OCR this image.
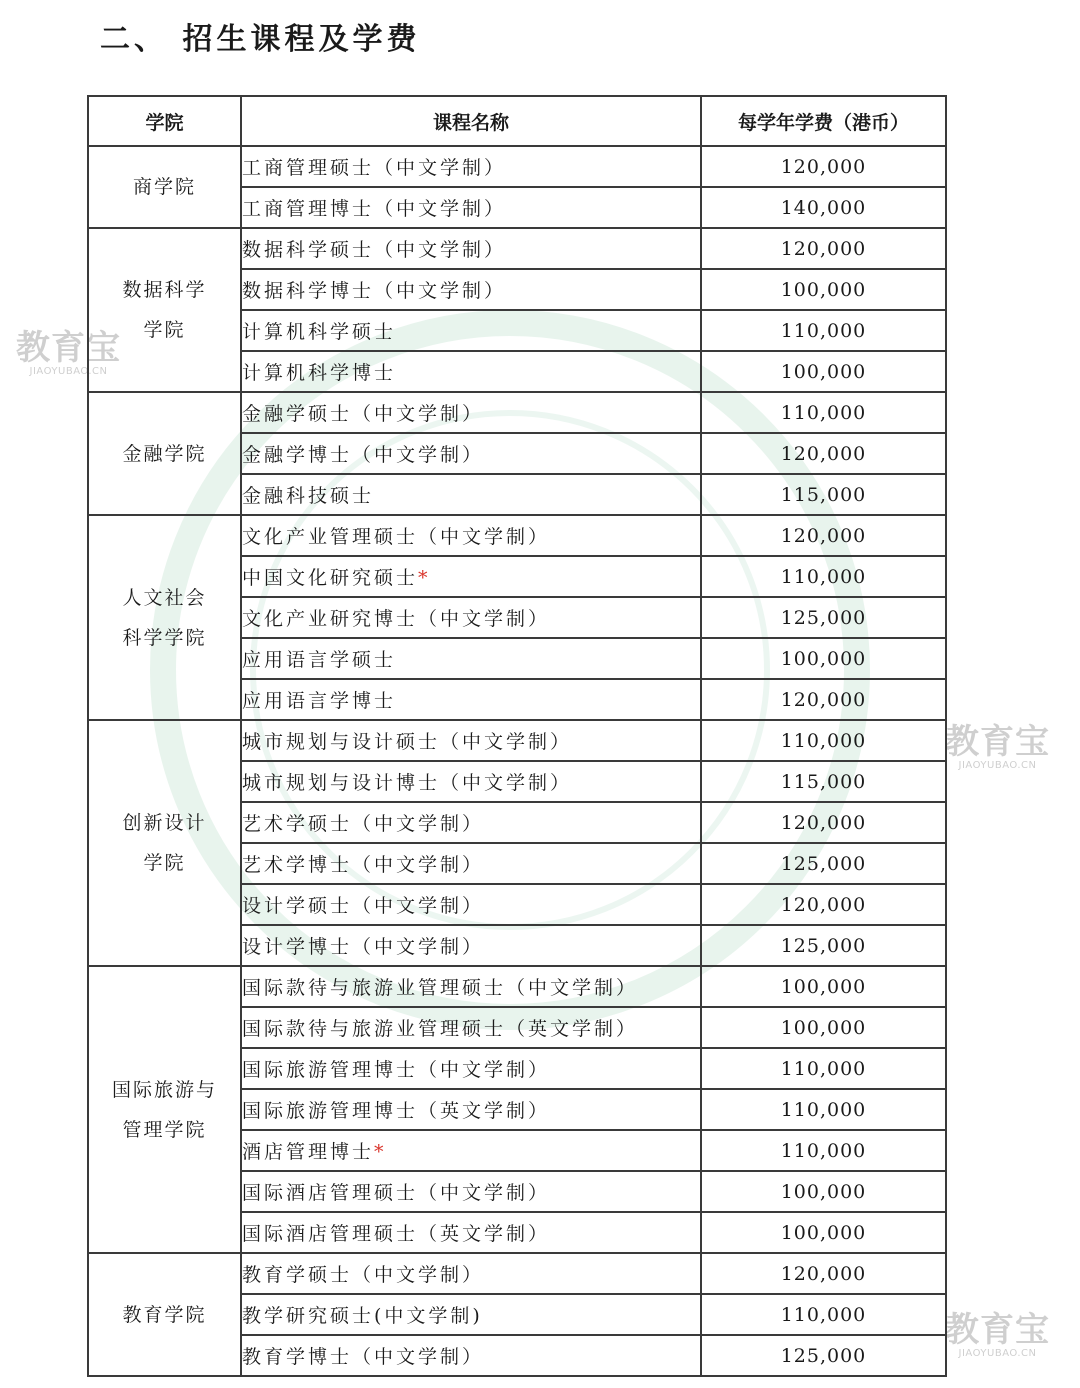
教育宝
JIAOYUBAO.CN
教育宝
JIAOYUBAO.CN
教育宝
JIAOYUBAO.CN
二、 招生课程及学费
学院	课程名称	每学年学费（港币）

商学院	工商管理硕士（中文学制）	120,000
	工商管理博士（中文学制）	140,000

数据科学
学院	数据科学硕士（中文学制）	120,000
	数据科学博士（中文学制）	100,000
	计算机科学硕士	110,000
	计算机科学博士	100,000

金融学院	金融学硕士（中文学制）	110,000
	金融学博士（中文学制）	120,000
	金融科技硕士	115,000

人文社会
科学学院	文化产业管理硕士（中文学制）	120,000
	中国文化研究硕士*	110,000
	文化产业研究博士（中文学制）	125,000
	应用语言学硕士	100,000
	应用语言学博士	120,000

创新设计
学院	城市规划与设计硕士（中文学制）	110,000
	城市规划与设计博士（中文学制）	115,000
	艺术学硕士（中文学制）	120,000
	艺术学博士（中文学制）	125,000
	设计学硕士（中文学制）	120,000
	设计学博士（中文学制）	125,000

国际旅游与
管理学院	国际款待与旅游业管理硕士（中文学制）	100,000
	国际款待与旅游业管理硕士（英文学制）	100,000
	国际旅游管理博士（中文学制）	110,000
	国际旅游管理博士（英文学制）	110,000
	酒店管理博士*	110,000
	国际酒店管理硕士（中文学制）	100,000
	国际酒店管理硕士（英文学制）	100,000

教育学院	教育学硕士（中文学制）	120,000
	教学研究硕士(中文学制)	110,000
	教育学博士（中文学制）	125,000
